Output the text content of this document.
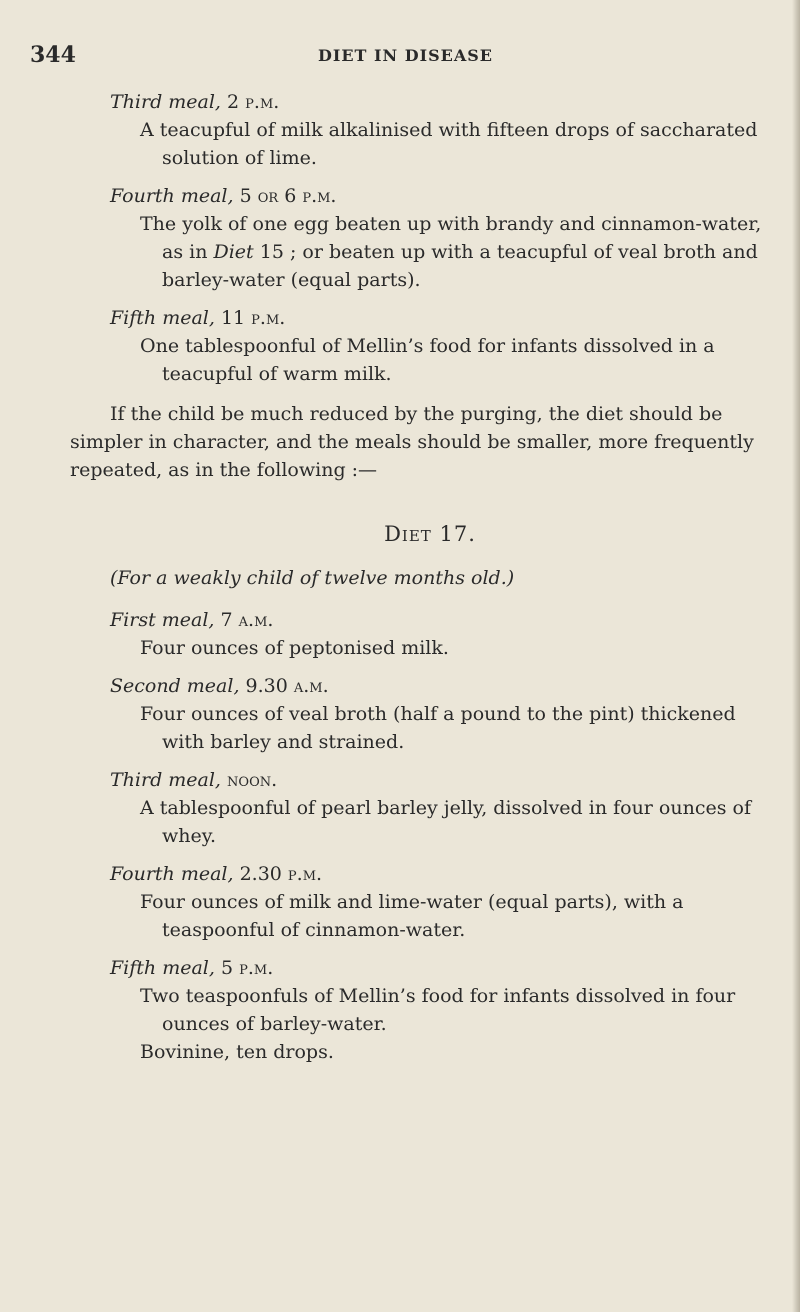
344	DIET IN DISEASE
Third meal, 2 p.m.
A teacupful of milk alkalinised with fifteen drops of saccharated solution of lime.
Fourth meal, 5 or 6 p.m.
The yolk of one egg beaten up with brandy and cinnamon-water, as in Diet 15 ; or beaten up with a teacupful of veal broth and barley-water (equal parts).
Fifth meal, 11 p.m.
One tablespoonful of Mellin’s food for infants dissolved in a teacupful of warm milk.

If the child be much reduced by the purging, the diet should be simpler in character, and the meals should be smaller, more frequently repeated, as in the following :—

Diet 17.
(For a weakly child of twelve months old.)
First meal, 7 a.m.
Four ounces of peptonised milk.
Second meal, 9.30 a.m.
Four ounces of veal broth (half a pound to the pint) thickened with barley and strained.
Third meal, noon.
A tablespoonful of pearl barley jelly, dissolved in four ounces of whey.
Fourth meal, 2.30 p.m.
Four ounces of milk and lime-water (equal parts), with a teaspoonful of cinnamon-water.
Fifth meal, 5 p.m.
Two teaspoonfuls of Mellin’s food for infants dissolved in four ounces of barley-water.
Bovinine, ten drops.
